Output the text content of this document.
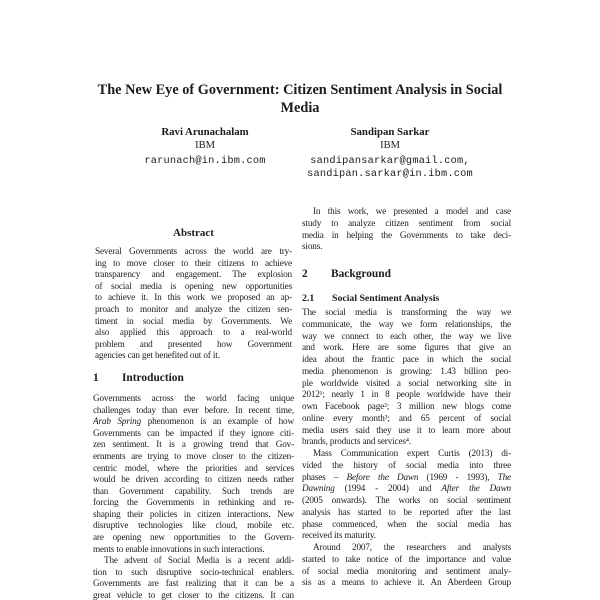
The New Eye of Government: Citizen Sentiment Analysis in Social
Media
Ravi Arunachalam
IBM
rarunach@in.ibm.com
Sandipan Sarkar
IBM
sandipansarkar@gmail.com,
sandipan.sarkar@in.ibm.com
Abstract
Several Governments across the world are try-
ing to move closer to their citizens to achieve
transparency and engagement. The explosion
of social media is opening new opportunities
to achieve it. In this work we proposed an ap-
proach to monitor and analyze the citizen sen-
timent in social media by Governments. We
also applied this approach to a real-world
problem and presented how Government
agencies can get benefited out of it.
1 Introduction
Governments across the world facing unique
challenges today than ever before. In recent time,
Arab Spring phenomenon is an example of how
Governments can be impacted if they ignore citi-
zen sentiment. It is a growing trend that Gov-
ernments are trying to move closer to the citizen-
centric model, where the priorities and services
would be driven according to citizen needs rather
than Government capability. Such trends are
forcing the Governments in rethinking and re-
shaping their policies in citizen interactions. New
disruptive technologies like cloud, mobile etc.
are opening new opportunities to the Govern-
ments to enable innovations in such interactions.
The advent of Social Media is a recent addi-
tion to such disruptive socio-technical enablers.
Governments are fast realizing that it can be a
great vehicle to get closer to the citizens. It can
In this work, we presented a model and case
study to analyze citizen sentiment from social
media in helping the Governments to take deci-
sions.
2 Background
2.1 Social Sentiment Analysis
The social media is transforming the way we
communicate, the way we form relationships, the
way we connect to each other, the way we live
and work. Here are some figures that give an
idea about the frantic pace in which the social
media phenomenon is growing: 1.43 billion peo-
ple worldwide visited a social networking site in
2012¹; nearly 1 in 8 people worldwide have their
own Facebook page²; 3 million new blogs come
online every month³; and 65 percent of social
media users said they use it to learn more about
brands, products and services⁴.
Mass Communication expert Curtis (2013) di-
vided the history of social media into three
phases – Before the Dawn (1969 - 1993), The
Dawning (1994 - 2004) and After the Dawn
(2005 onwards). The works on social sentiment
analysis has started to be reported after the last
phase commenced, when the social media has
received its maturity.
Around 2007, the researchers and analysts
started to take notice of the importance and value
of social media monitoring and sentiment analy-
sis as a means to achieve it. An Aberdeen Group
